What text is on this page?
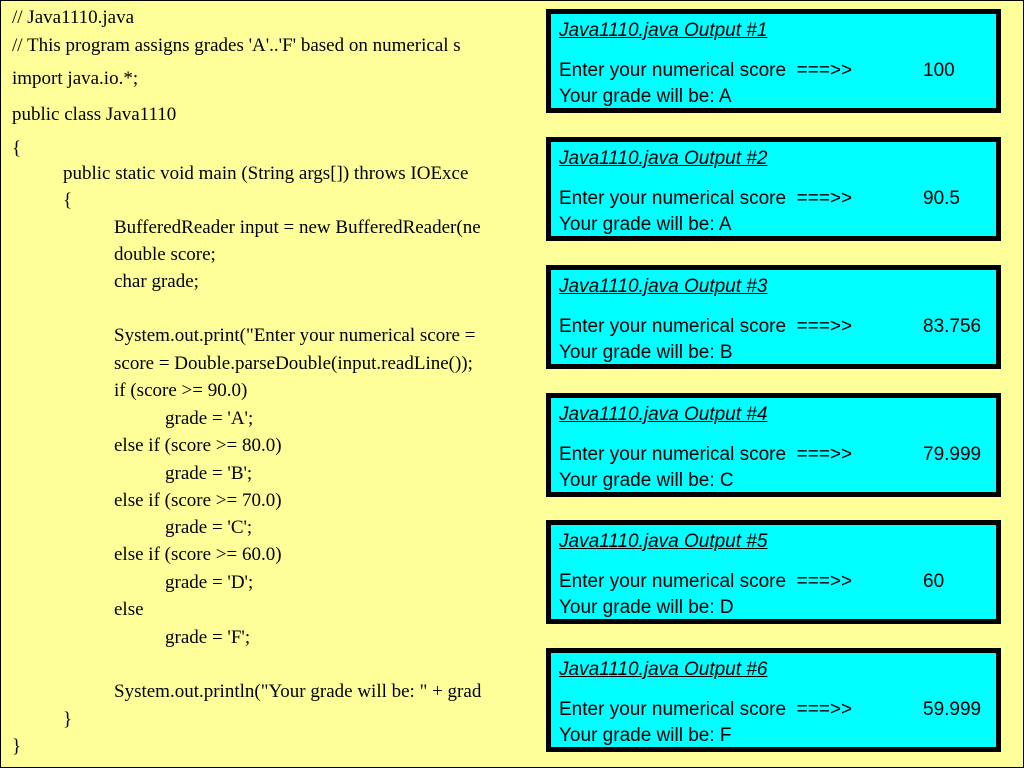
// Java1110.java
// This program assigns grades 'A'..'F' based on numerical s
import java.io.*;
public class Java1110
{
public static void main (String args[]) throws IOExce
{
BufferedReader input = new BufferedReader(ne
double score;
char grade;
System.out.print("Enter your numerical score =
score = Double.parseDouble(input.readLine());
if (score >= 90.0)
grade = 'A';
else if (score >= 80.0)
grade = 'B';
else if (score >= 70.0)
grade = 'C';
else if (score >= 60.0)
grade = 'D';
else
grade = 'F';
System.out.println("Your grade will be: " + grad
}
}
Java1110.java Output #1
Enter your numerical score  ===>>	100
Your grade will be: A
Java1110.java Output #2
Enter your numerical score  ===>>	90.5
Your grade will be: A
Java1110.java Output #3
Enter your numerical score  ===>>	83.756
Your grade will be: B
Java1110.java Output #4
Enter your numerical score  ===>>	79.999
Your grade will be: C
Java1110.java Output #5
Enter your numerical score  ===>>	60
Your grade will be: D
Java1110.java Output #6
Enter your numerical score  ===>>	59.999
Your grade will be: F
